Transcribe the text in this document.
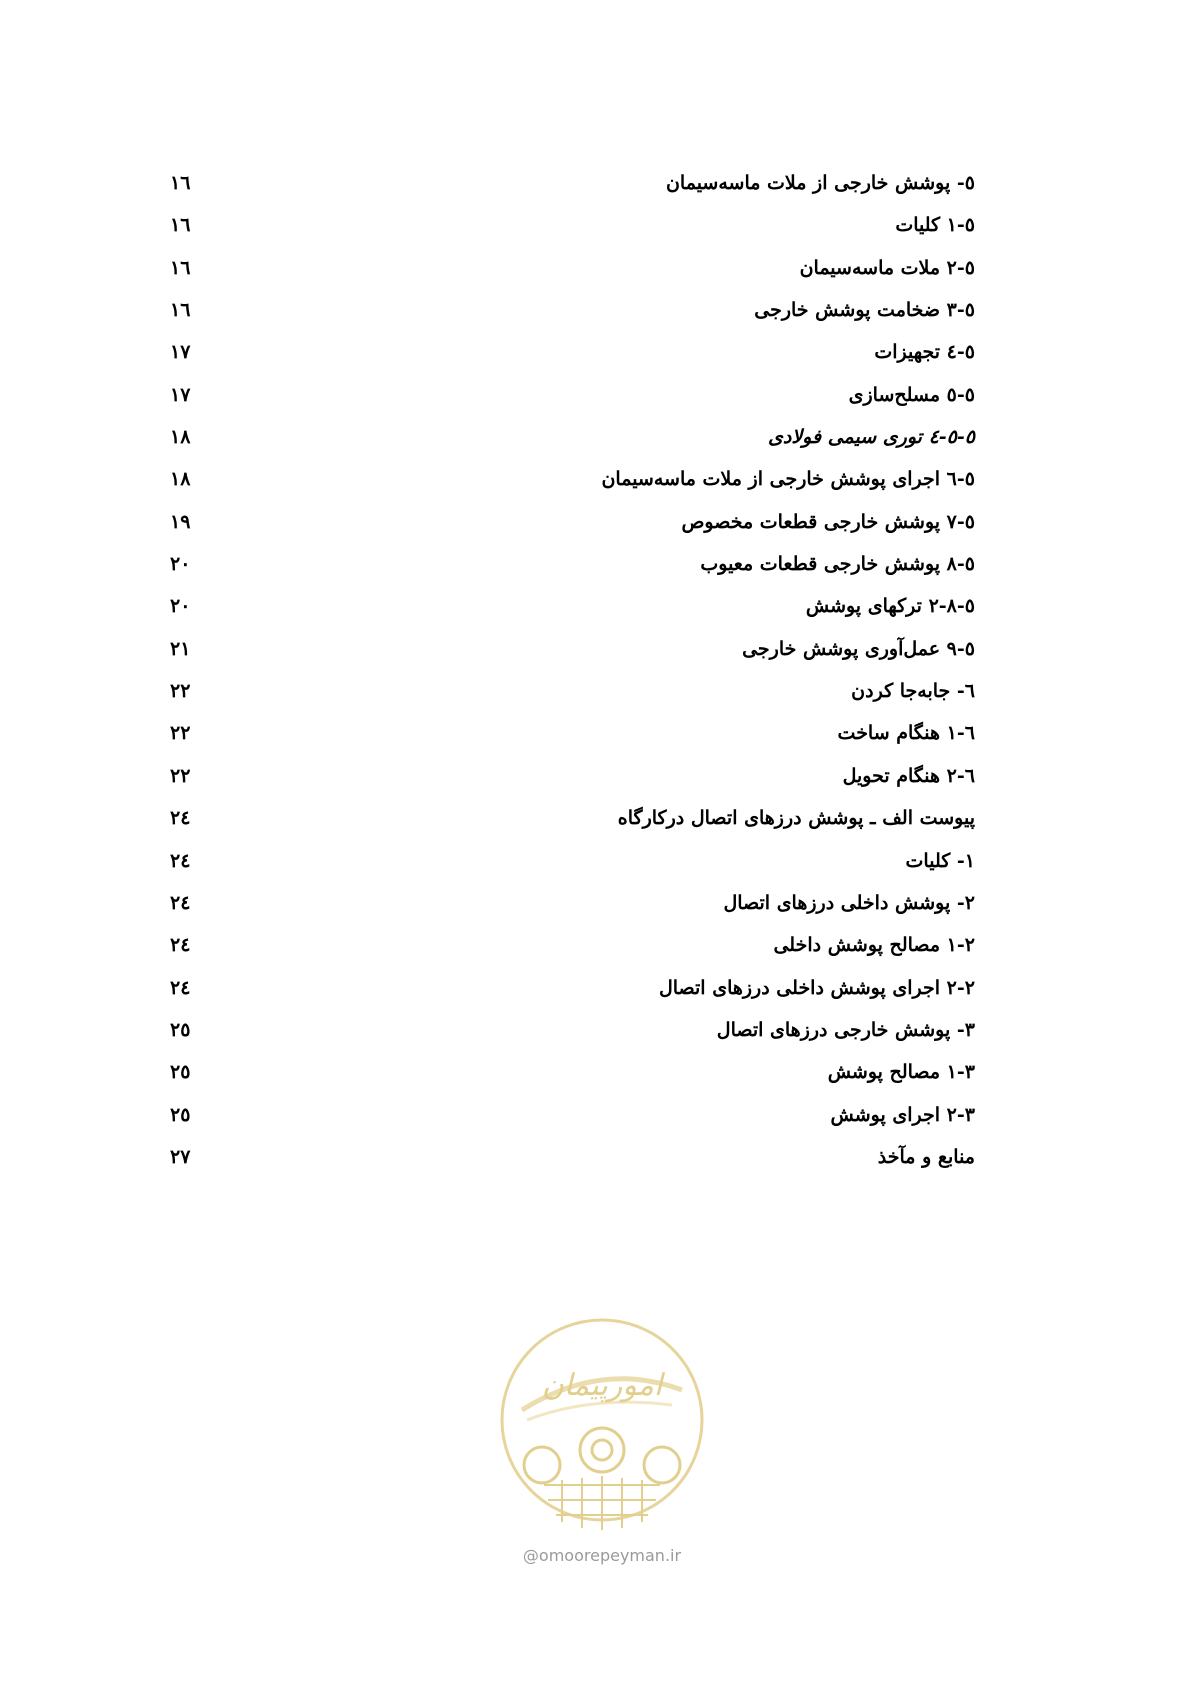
٥- پوشش خارجی از ملات ماسه‌سیمان
١٦
٥-١ کلیات
١٦
٥-٢ ملات ماسه‌سیمان
١٦
٥-٣ ضخامت پوشش خارجی
١٦
٥-٤ تجهیزات
١٧
٥-٥ مسلح‌سازی
١٧
٥-٥-٤ توری سیمی فولادی
١٨
٥-٦ اجرای پوشش خارجی از ملات ماسه‌سیمان
١٨
٥-٧ پوشش خارجی قطعات مخصوص
١٩
٥-٨ پوشش خارجی قطعات معیوب
٢٠
٥-٨-٢ ترکهای پوشش
٢٠
٥-٩ عمل‌آوری پوشش خارجی
٢١
٦- جابه‌جا کردن
٢٢
٦-١ هنگام ساخت
٢٢
٦-٢ هنگام تحویل
٢٢
پیوست الف ـ پوشش درزهای اتصال درکارگاه
٢٤
١- کلیات
٢٤
٢- پوشش داخلی درزهای اتصال
٢٤
٢-١ مصالح پوشش داخلی
٢٤
٢-٢ اجرای پوشش داخلی درزهای اتصال
٢٤
٣- پوشش خارجی درزهای اتصال
٢٥
٣-١ مصالح پوشش
٢٥
٣-٢ اجرای پوشش
٢٥
منابع و مآخذ
٢٧
امورپیمان
@omoorepeyman.ir
